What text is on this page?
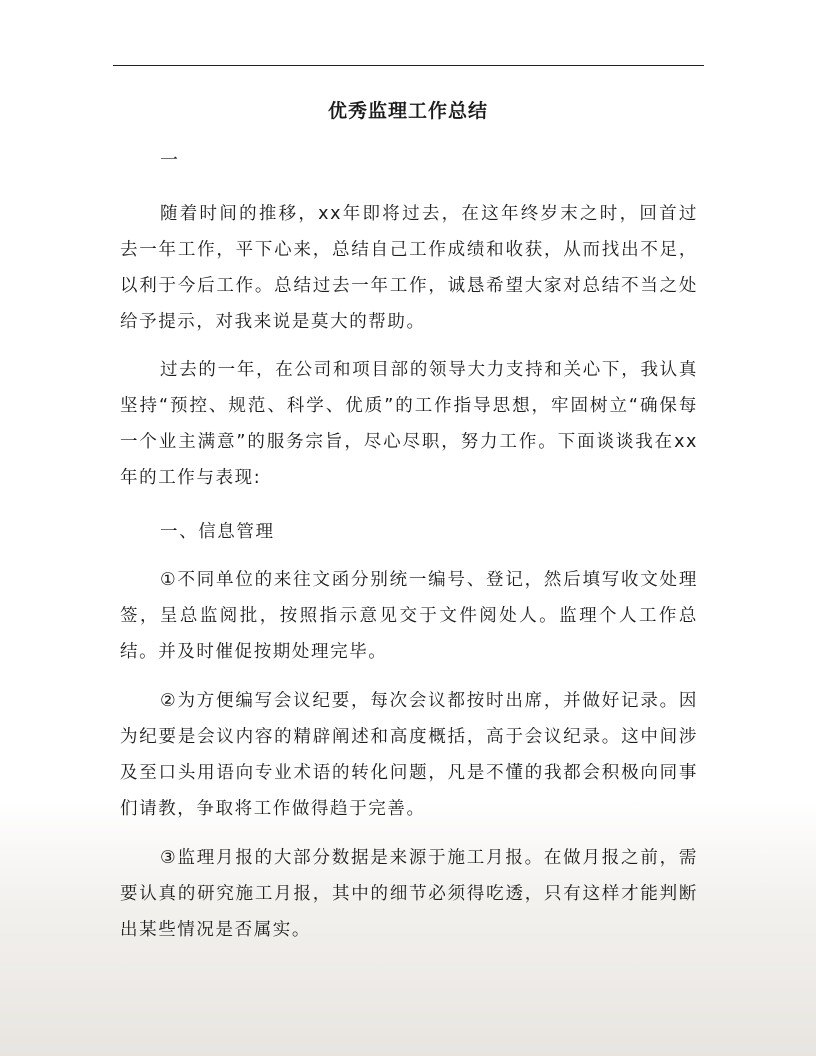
优秀监理工作总结
一

随着时间的推移，xx年即将过去，在这年终岁末之时，回首过去一年工作，平下心来，总结自己工作成绩和收获，从而找出不足，以利于今后工作。总结过去一年工作，诚恳希望大家对总结不当之处给予提示，对我来说是莫大的帮助。

过去的一年，在公司和项目部的领导大力支持和关心下，我认真坚持“预控、规范、科学、优质”的工作指导思想，牢固树立“确保每一个业主满意”的服务宗旨，尽心尽职，努力工作。下面谈谈我在xx年的工作与表现:

一、信息管理

①不同单位的来往文函分别统一编号、登记，然后填写收文处理签，呈总监阅批，按照指示意见交于文件阅处人。监理个人工作总结。并及时催促按期处理完毕。

②为方便编写会议纪要，每次会议都按时出席，并做好记录。因为纪要是会议内容的精辟阐述和高度概括，高于会议纪录。这中间涉及至口头用语向专业术语的转化问题，凡是不懂的我都会积极向同事们请教，争取将工作做得趋于完善。

③监理月报的大部分数据是来源于施工月报。在做月报之前，需要认真的研究施工月报，其中的细节必须得吃透，只有这样才能判断出某些情况是否属实。
